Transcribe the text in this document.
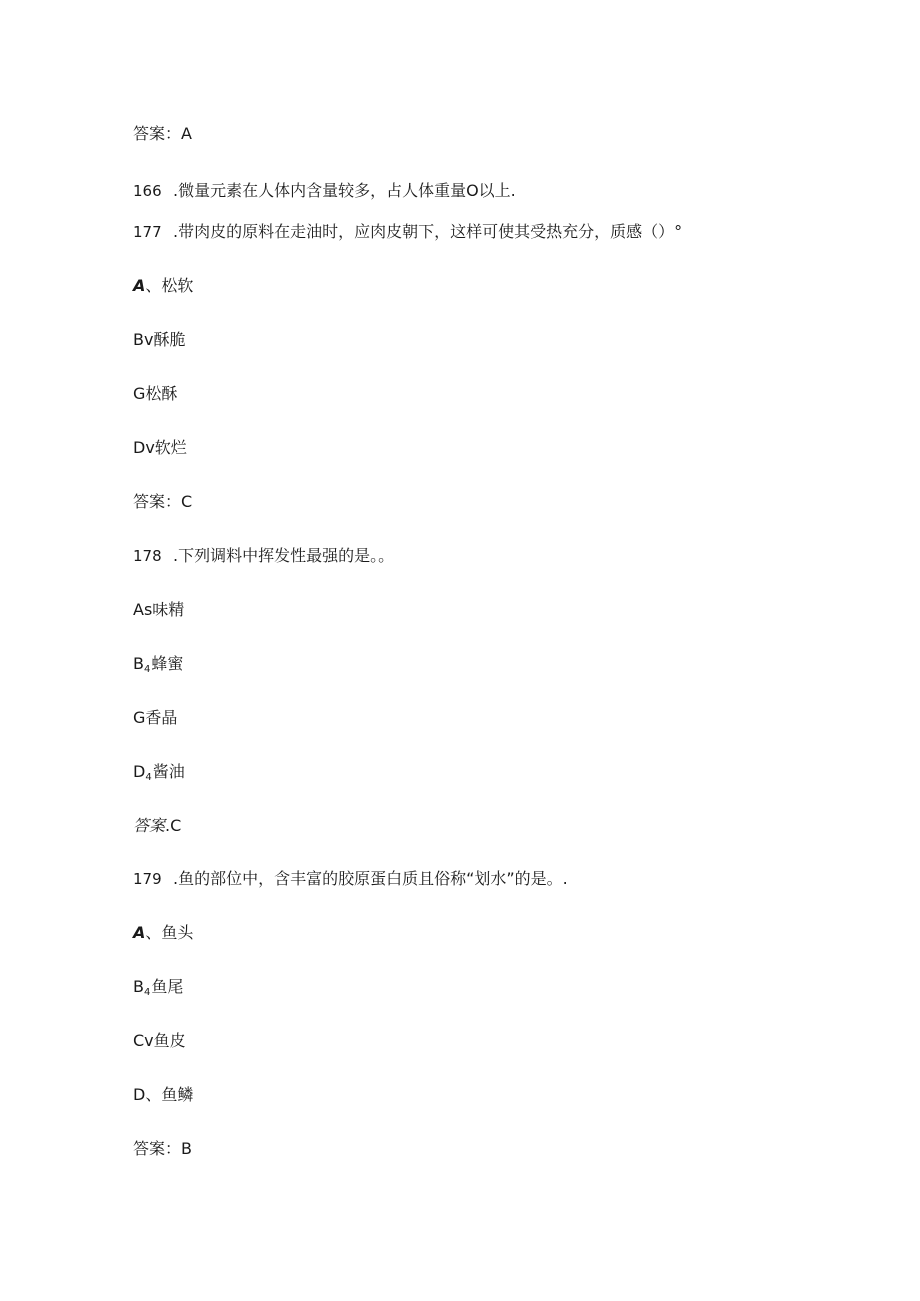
答案：A
166 .微量元素在人体内含量较多，占人体重量O以上.
177 .带肉皮的原料在走油时，应肉皮朝下，这样可使其受热充分，质感（）°
A、松软
Bv酥脆
G松酥
Dv软烂
答案：C
178 .下列调料中挥发性最强的是。。
As味精
$B_4$蜂蜜
G香晶
$D_4$酱油
答案.C
179 .鱼的部位中，含丰富的胶原蛋白质且俗称“划水”的是。.
A、鱼头
$B_4$鱼尾
Cv鱼皮
D、鱼鳞
答案：B
